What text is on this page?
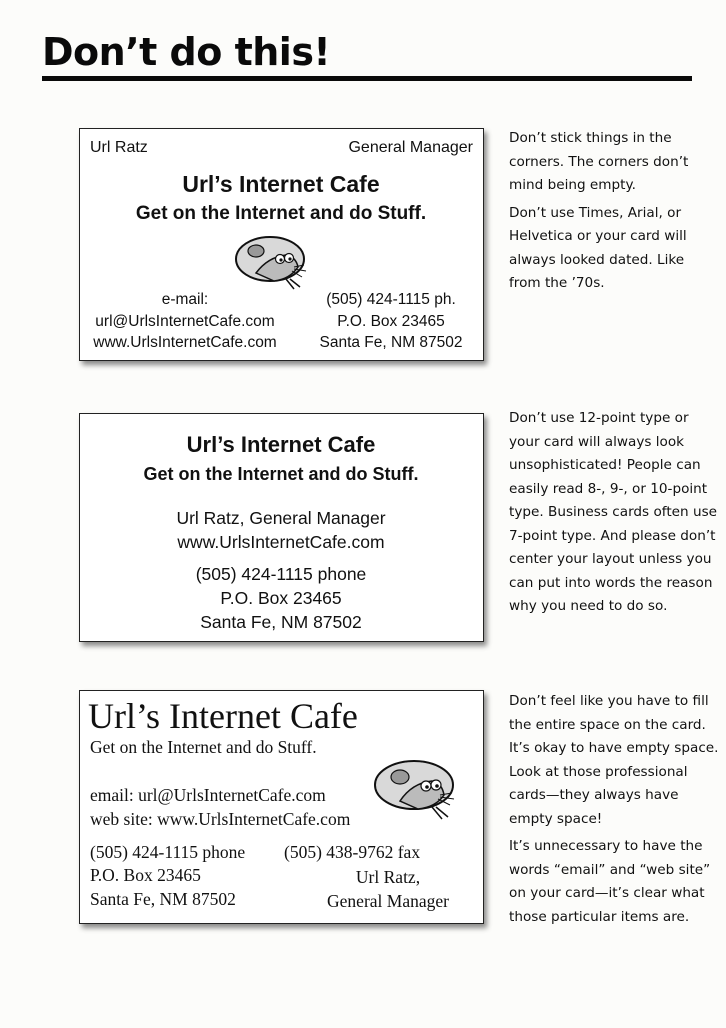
Don’t do this!
Url Ratz	General Manager
Url’s Internet Cafe
Get on the Internet and do Stuff.
e-mail:
url@UrlsInternetCafe.com
www.UrlsInternetCafe.com
(505) 424-1115 ph.
P.O. Box 23465
Santa Fe, NM 87502

Don’t stick things in the corners. The corners don’t mind being empty.

Don’t use Times, Arial, or Helvetica or your card will always looked dated. Like from the ’70s.

Url’s Internet Cafe
Get on the Internet and do Stuff.
Url Ratz, General Manager
www.UrlsInternetCafe.com
(505) 424-1115 phone
P.O. Box 23465
Santa Fe, NM 87502

Don’t use 12-point type or your card will always look unsophisticated! People can easily read 8-, 9-, or 10-point type. Business cards often use 7-point type. And please don’t center your layout unless you can put into words the reason why you need to do so.

Url’s Internet Cafe
Get on the Internet and do Stuff.
email: url@UrlsInternetCafe.com
web site: www.UrlsInternetCafe.com
(505) 424-1115 phone (505) 438-9762 fax
P.O. Box 23465
Santa Fe, NM 87502
Url Ratz,
General Manager

Don’t feel like you have to fill the entire space on the card. It’s okay to have empty space. Look at those professional cards—they always have empty space!

It’s unnecessary to have the words “email” and “web site” on your card—it’s clear what those particular items are.
